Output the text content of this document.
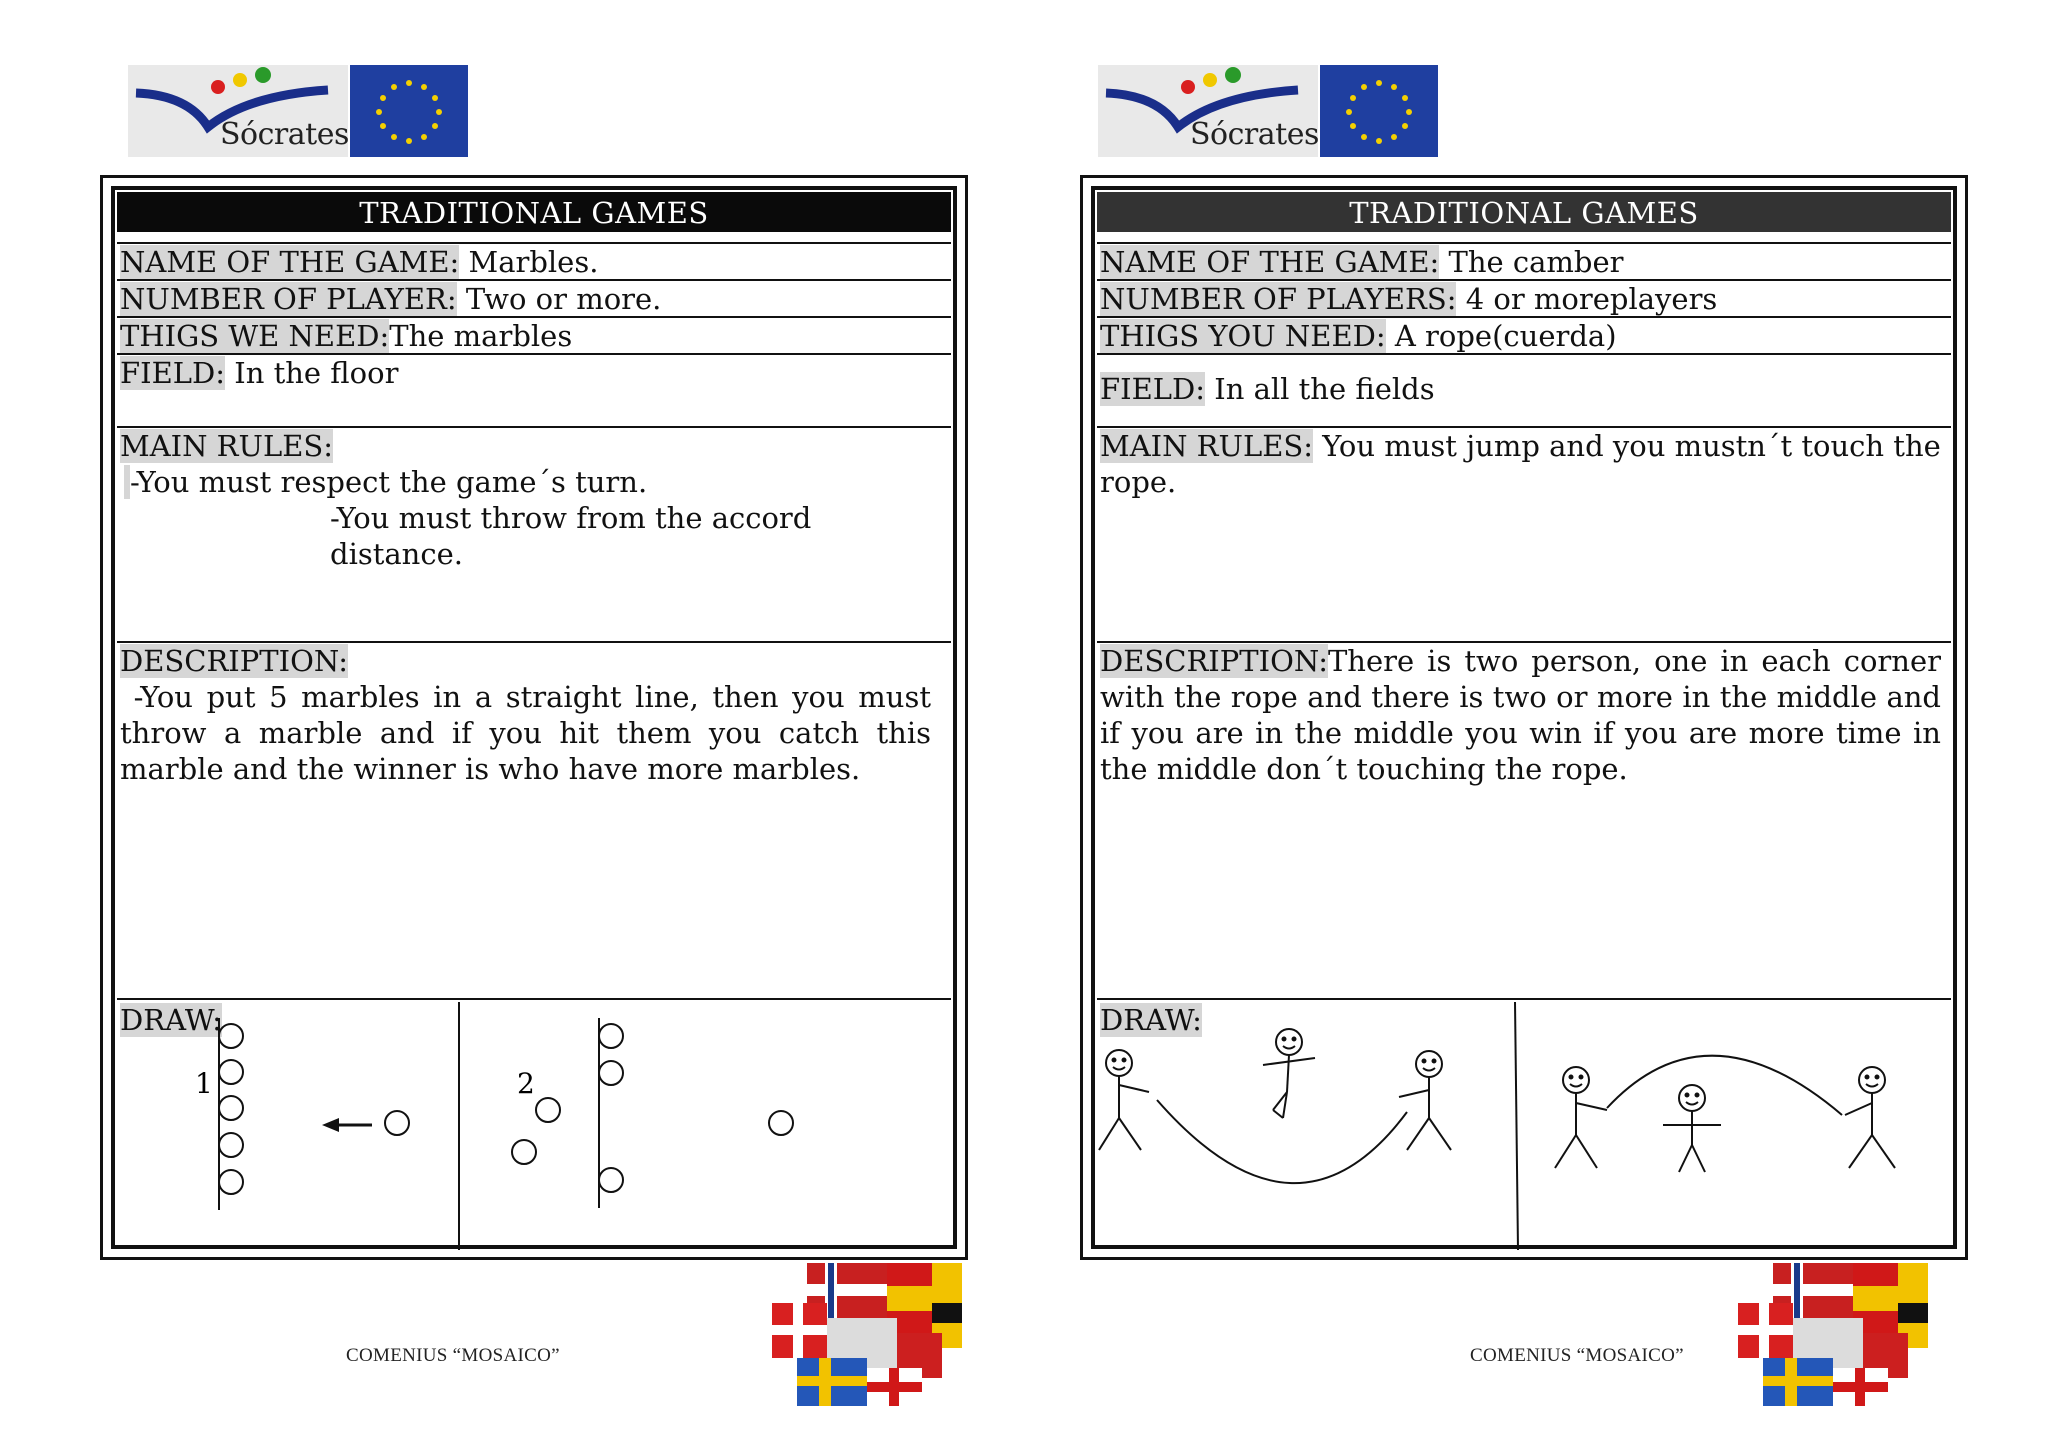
Sócrates
TRADITIONAL GAMES
NAME OF THE GAME: Marbles.
NUMBER OF PLAYER: Two or more.
THIGS WE NEED:The marbles
FIELD: In the floor
MAIN RULES:
-You must respect the game´s turn.
-You must throw from the accord distance.
DESCRIPTION:
-You put 5 marbles in a straight line, then you must throw a marble and if you hit them you catch this marble and the winner is who have more marbles.
DRAW:
1	2
COMENIUS “MOSAICO”
Sócrates
TRADITIONAL GAMES
NAME OF THE GAME: The camber
NUMBER OF PLAYERS: 4 or moreplayers
THIGS YOU NEED: A rope(cuerda)
FIELD: In all the fields
MAIN RULES: You must jump and you mustn´t touch the rope.
DESCRIPTION:There is two person, one in each corner with the rope and there is two or more in the middle and if you are in the middle you win if you are more time in the middle don´t touching the rope.
DRAW:
COMENIUS “MOSAICO”
